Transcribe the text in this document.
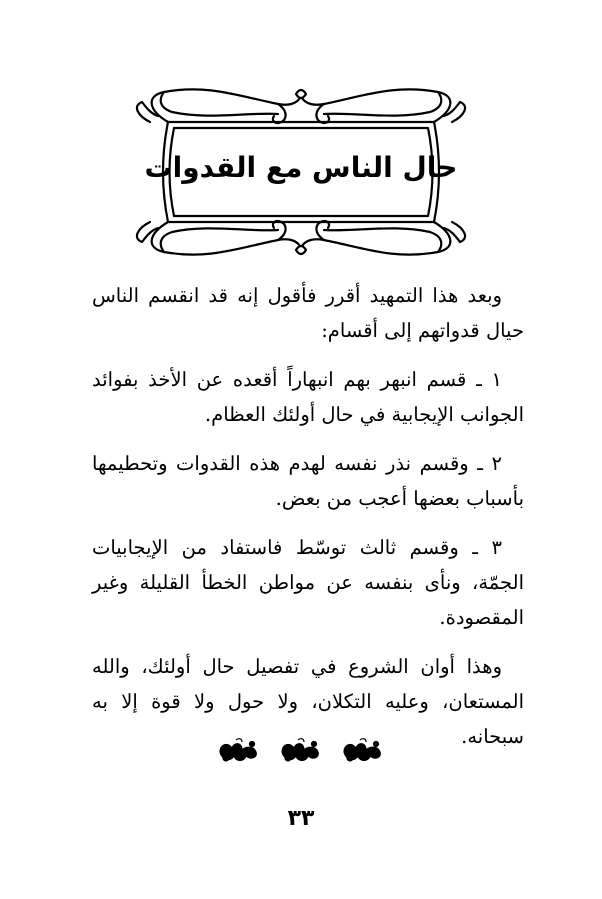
حال الناس مع القدوات

وبعد هذا التمهيد أقرر فأقول إنه قد انقسم الناس حيال قدواتهم إلى أقسام:

١ ـ قسم انبهر بهم انبهاراً أقعده عن الأخذ بفوائد الجوانب الإيجابية في حال أولئك العظام.

٢ ـ وقسم نذر نفسه لهدم هذه القدوات وتحطيمها بأسباب بعضها أعجب من بعض.

٣ ـ وقسم ثالث توسّط فاستفاد من الإيجابيات الجمّة، ونأى بنفسه عن مواطن الخطأ القليلة وغير المقصودة.

وهذا أوان الشروع في تفصيل حال أولئك، والله المستعان، وعليه التكلان، ولا حول ولا قوة إلا به سبحانه.

٣٣
